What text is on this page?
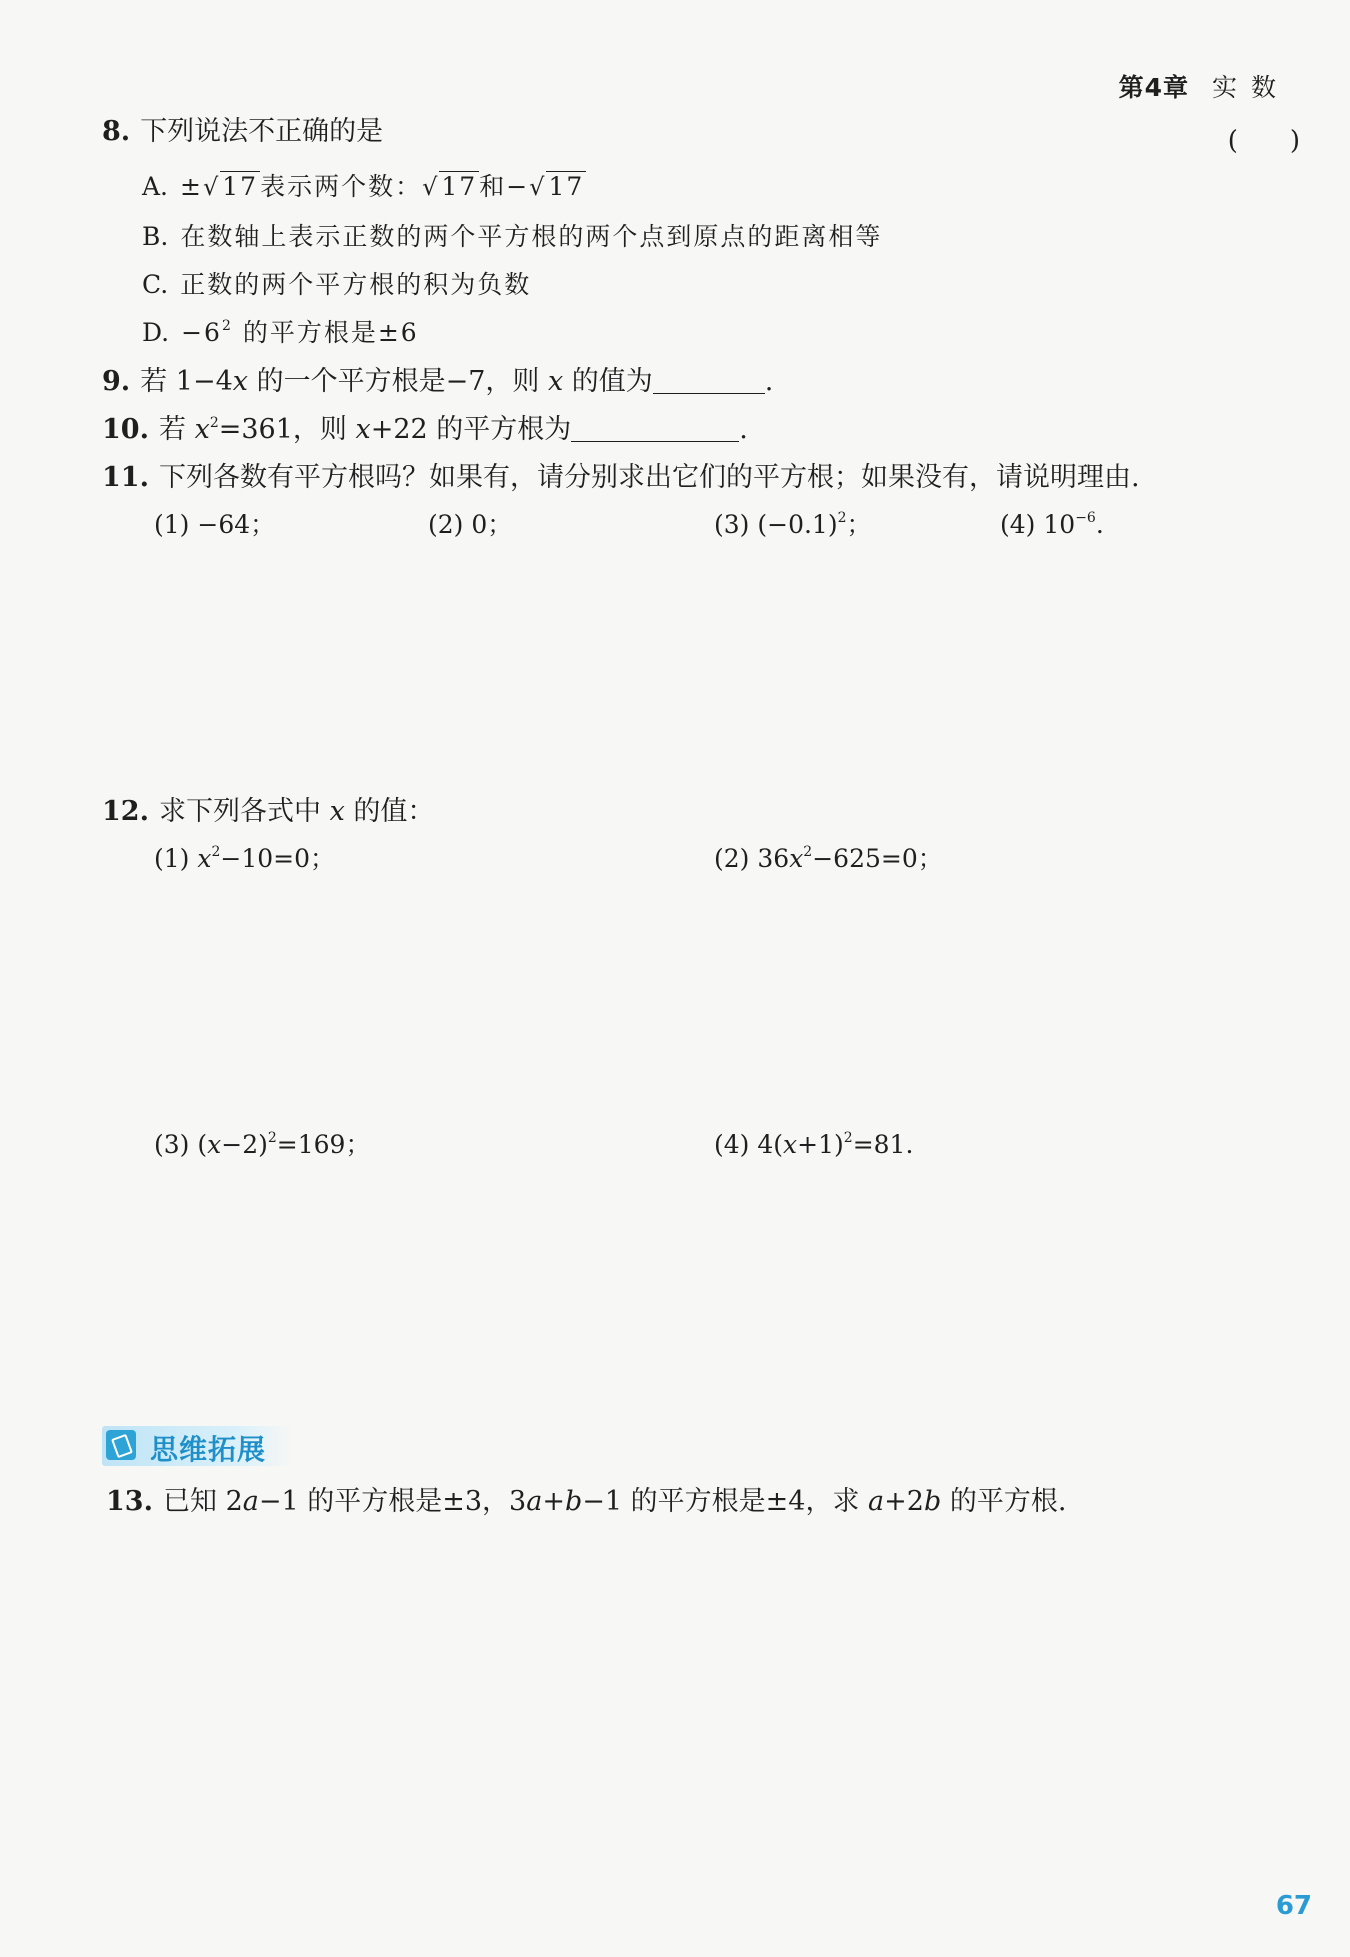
第4章 实数
8. 下列说法不正确的是	(　　)
A. ±√17表示两个数：√17和−√17
B. 在数轴上表示正数的两个平方根的两个点到原点的距离相等
C. 正数的两个平方根的积为负数
D. $-6^2$ 的平方根是±6
9. 若 1−4x 的一个平方根是−7，则 x 的值为	.
10. 若 $x^2=361$，则 x+22 的平方根为	.
11. 下列各数有平方根吗？如果有，请分别求出它们的平方根；如果没有，请说明理由.
(1) −64；	(2) 0；	(3) $(-0.1)^2$；	(4) $10^{-6}$.
12. 求下列各式中 x 的值：
(1) $x^2-10=0$；	(2) $36x^2-625=0$；
(3) $(x-2)^2=169$；	(4) $4(x+1)^2=81$.
思维拓展
13. 已知 2a−1 的平方根是±3，3a+b−1 的平方根是±4，求 a+2b 的平方根.
67
